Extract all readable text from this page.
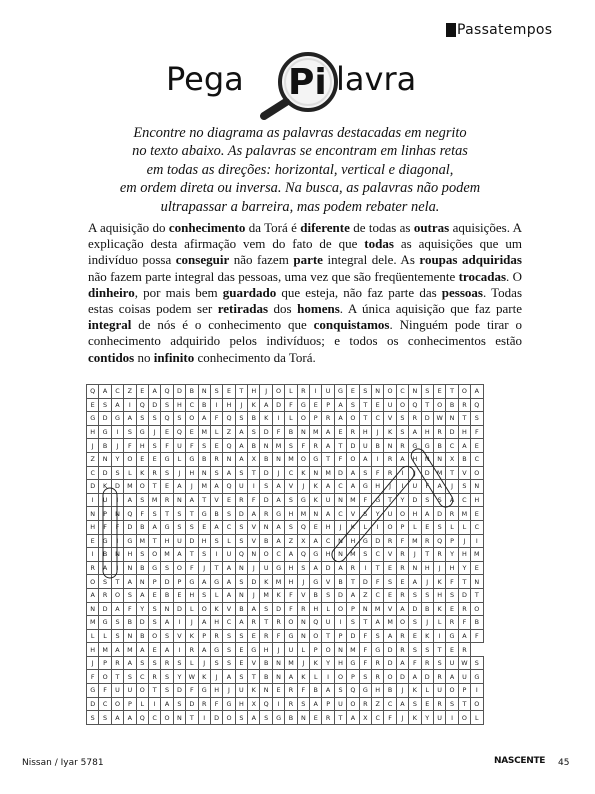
Passatempos
Pega Pi lavra
Encontre no diagrama as palavras destacadas em negrito
no texto abaixo. As palavras se encontram em linhas retas
em todas as direções: horizontal, vertical e diagonal,
em ordem direta ou inversa. Na busca, as palavras não podem
ultrapassar a barreira, mas podem rebater nela.
A aquisição do conhecimento da Torá é diferente de todas as outras aquisições. A explicação desta afirmação vem do fato de que todas as aquisições que um indivíduo possa conseguir não fazem parte integral dele. As roupas adquiridas não fazem parte integral das pessoas, uma vez que são freqüentemente trocadas. O dinheiro, por mais bem guardado que esteja, não faz parte das pessoas. Todas estas coisas podem ser retiradas dos homens. A única aquisição que faz parte integral de nós é o conhecimento que conquistamos. Ninguém pode tirar o conhecimento adquirido pelos indivíduos; e todos os conhecimentos estão contidos no infinito conhecimento da Torá.
Q	A	C	Z	E	A	Q	D	B	N	S	E	T	H	J	O	L	R	I	U	G	E	S	N	O	C	N	S	E	T	O	A
E	S	A	I	Q	D	S	H	C	B	I	H	J	K	A	D	F	G	E	P	A	S	T	E	U	O	Q	T	O	B	R	Q
G	D	G	A	S	S	Q	S	O	A	F	Q	S	B	K	I	L	O	P	R	A	O	T	C	V	S	R	D	W	N	T	S
H	G	I	S	G	J	E	Q	E	M	L	Z	A	S	D	F	B	N	M	A	E	R	H	J	K	S	A	H	R	D	H	F
J	B	J	F	H	S	F	U	F	S	E	Q	A	B	N	M	S	F	R	A	T	D	U	B	N	R	G	G	B	C	A	E
Z	N	Y	O	E	E	G	L	G	B	R	N	A	X	B	N	M	O	G	T	F	O	A	I	R	A	H	N	N	X	B	C
C	D	S	L	K	R	S	J	H	N	S	A	S	T	D	J	C	K	N	M	D	A	S	F	R	I	J	D	M	T	V	O
D	K	D	M	O	T	E	A	J	M	A	Q	U	I	S	A	V	J	K	A	C	A	G	H	J	I	U	F	A	J	S	N
I	U	I	A	S	M	R	N	A	T	V	E	R	F	D	A	S	G	K	U	N	M	F	G	T	Y	D	S	S	A	C	H
N	P	N	Q	F	S	T	S	T	G	B	S	D	A	R	G	H	M	N	A	C	V	S	Y	U	O	H	A	D	R	M	E
H	F	F	D	B	A	G	S	S	E	A	C	S	V	N	A	S	Q	E	H	J	K	L	I	O	P	L	E	S	L	L	C
E	G	I	G	M	T	H	U	D	H	S	L	S	V	B	A	Z	X	A	C	N	H	G	D	R	F	M	R	Q	P	J	I
I	B	N	H	S	O	M	A	T	S	I	U	Q	N	O	C	A	Q	G	H	N	M	S	C	V	R	J	T	R	Y	H	M
R	A	I	N	B	G	S	O	F	J	T	A	N	J	U	G	H	S	A	D	A	R	I	T	E	R	N	H	J	H	Y	E
O	S	T	A	N	P	D	P	G	A	G	A	S	D	K	M	H	J	G	V	B	T	D	F	S	E	A	J	K	F	T	N
A	R	O	S	A	E	B	E	H	S	L	A	N	J	M	K	F	V	B	S	D	A	Z	C	E	R	S	S	H	S	D	T
N	D	A	F	Y	S	N	D	L	O	K	V	B	A	S	D	F	R	H	L	O	P	N	M	V	A	D	B	K	E	R	O
M	G	S	B	D	S	A	I	J	A	H	C	A	R	T	R	O	N	Q	U	I	S	T	A	M	O	S	J	L	R	F	B
L	L	S	N	B	O	S	V	K	P	R	S	S	E	R	F	G	N	O	T	P	D	F	S	A	R	E	K	I	G	A	F
H	M	A	M	A	E	A	I	R	A	G	S	E	G	H	J	U	L	P	O	N	M	F	G	D	R	S	S	T	E	R	
J	P	R	A	S	S	R	S	L	J	S	S	E	V	B	N	M	J	K	Y	H	G	F	R	D	A	F	R	S	U	W	S
F	O	T	S	C	R	S	Y	W	K	J	A	S	T	B	N	A	K	L	I	O	P	S	R	O	D	A	D	R	A	U	G
G	F	U	U	O	T	S	D	F	G	H	J	U	K	N	E	R	F	B	A	S	Q	G	H	B	J	K	L	U	O	P	I
D	C	O	P	L	I	A	S	D	R	F	G	H	X	Q	I	R	S	A	P	U	O	R	Z	C	A	S	E	R	S	T	O
S	S	A	A	Q	C	O	N	T	I	D	O	S	A	S	G	B	N	E	R	T	A	X	C	F	J	K	Y	U	I	O	L
Nissan / Iyar 5781	NASCENTE 45
